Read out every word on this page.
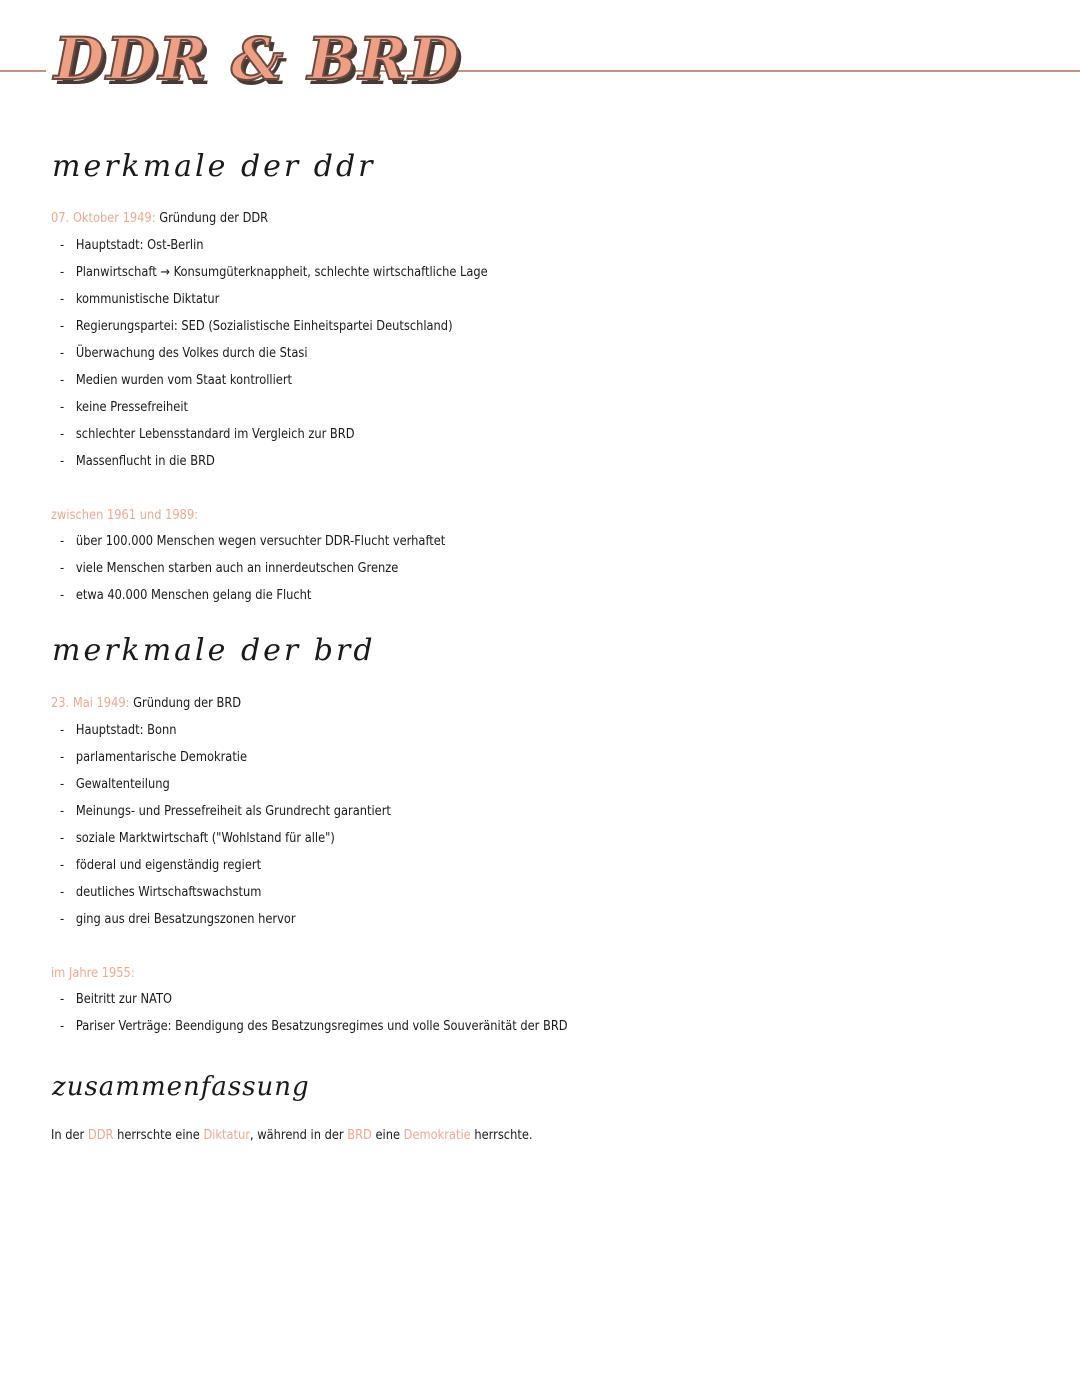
DDR & BRD
merkmale der ddr
07. Oktober 1949: Gründung der DDR
- Hauptstadt: Ost-Berlin
- Planwirtschaft → Konsumgüterknappheit, schlechte wirtschaftliche Lage
- kommunistische Diktatur
- Regierungspartei: SED (Sozialistische Einheitspartei Deutschland)
- Überwachung des Volkes durch die Stasi
- Medien wurden vom Staat kontrolliert
- keine Pressefreiheit
- schlechter Lebensstandard im Vergleich zur BRD
- Massenflucht in die BRD
zwischen 1961 und 1989:
- über 100.000 Menschen wegen versuchter DDR-Flucht verhaftet
- viele Menschen starben auch an innerdeutschen Grenze
- etwa 40.000 Menschen gelang die Flucht
merkmale der brd
23. Mai 1949: Gründung der BRD
- Hauptstadt: Bonn
- parlamentarische Demokratie
- Gewaltenteilung
- Meinungs- und Pressefreiheit als Grundrecht garantiert
- soziale Marktwirtschaft ("Wohlstand für alle")
- föderal und eigenständig regiert
- deutliches Wirtschaftswachstum
- ging aus drei Besatzungszonen hervor
im Jahre 1955:
- Beitritt zur NATO
- Pariser Verträge: Beendigung des Besatzungsregimes und volle Souveränität der BRD
zusammenfassung
In der DDR herrschte eine Diktatur, während in der BRD eine Demokratie herrschte.
